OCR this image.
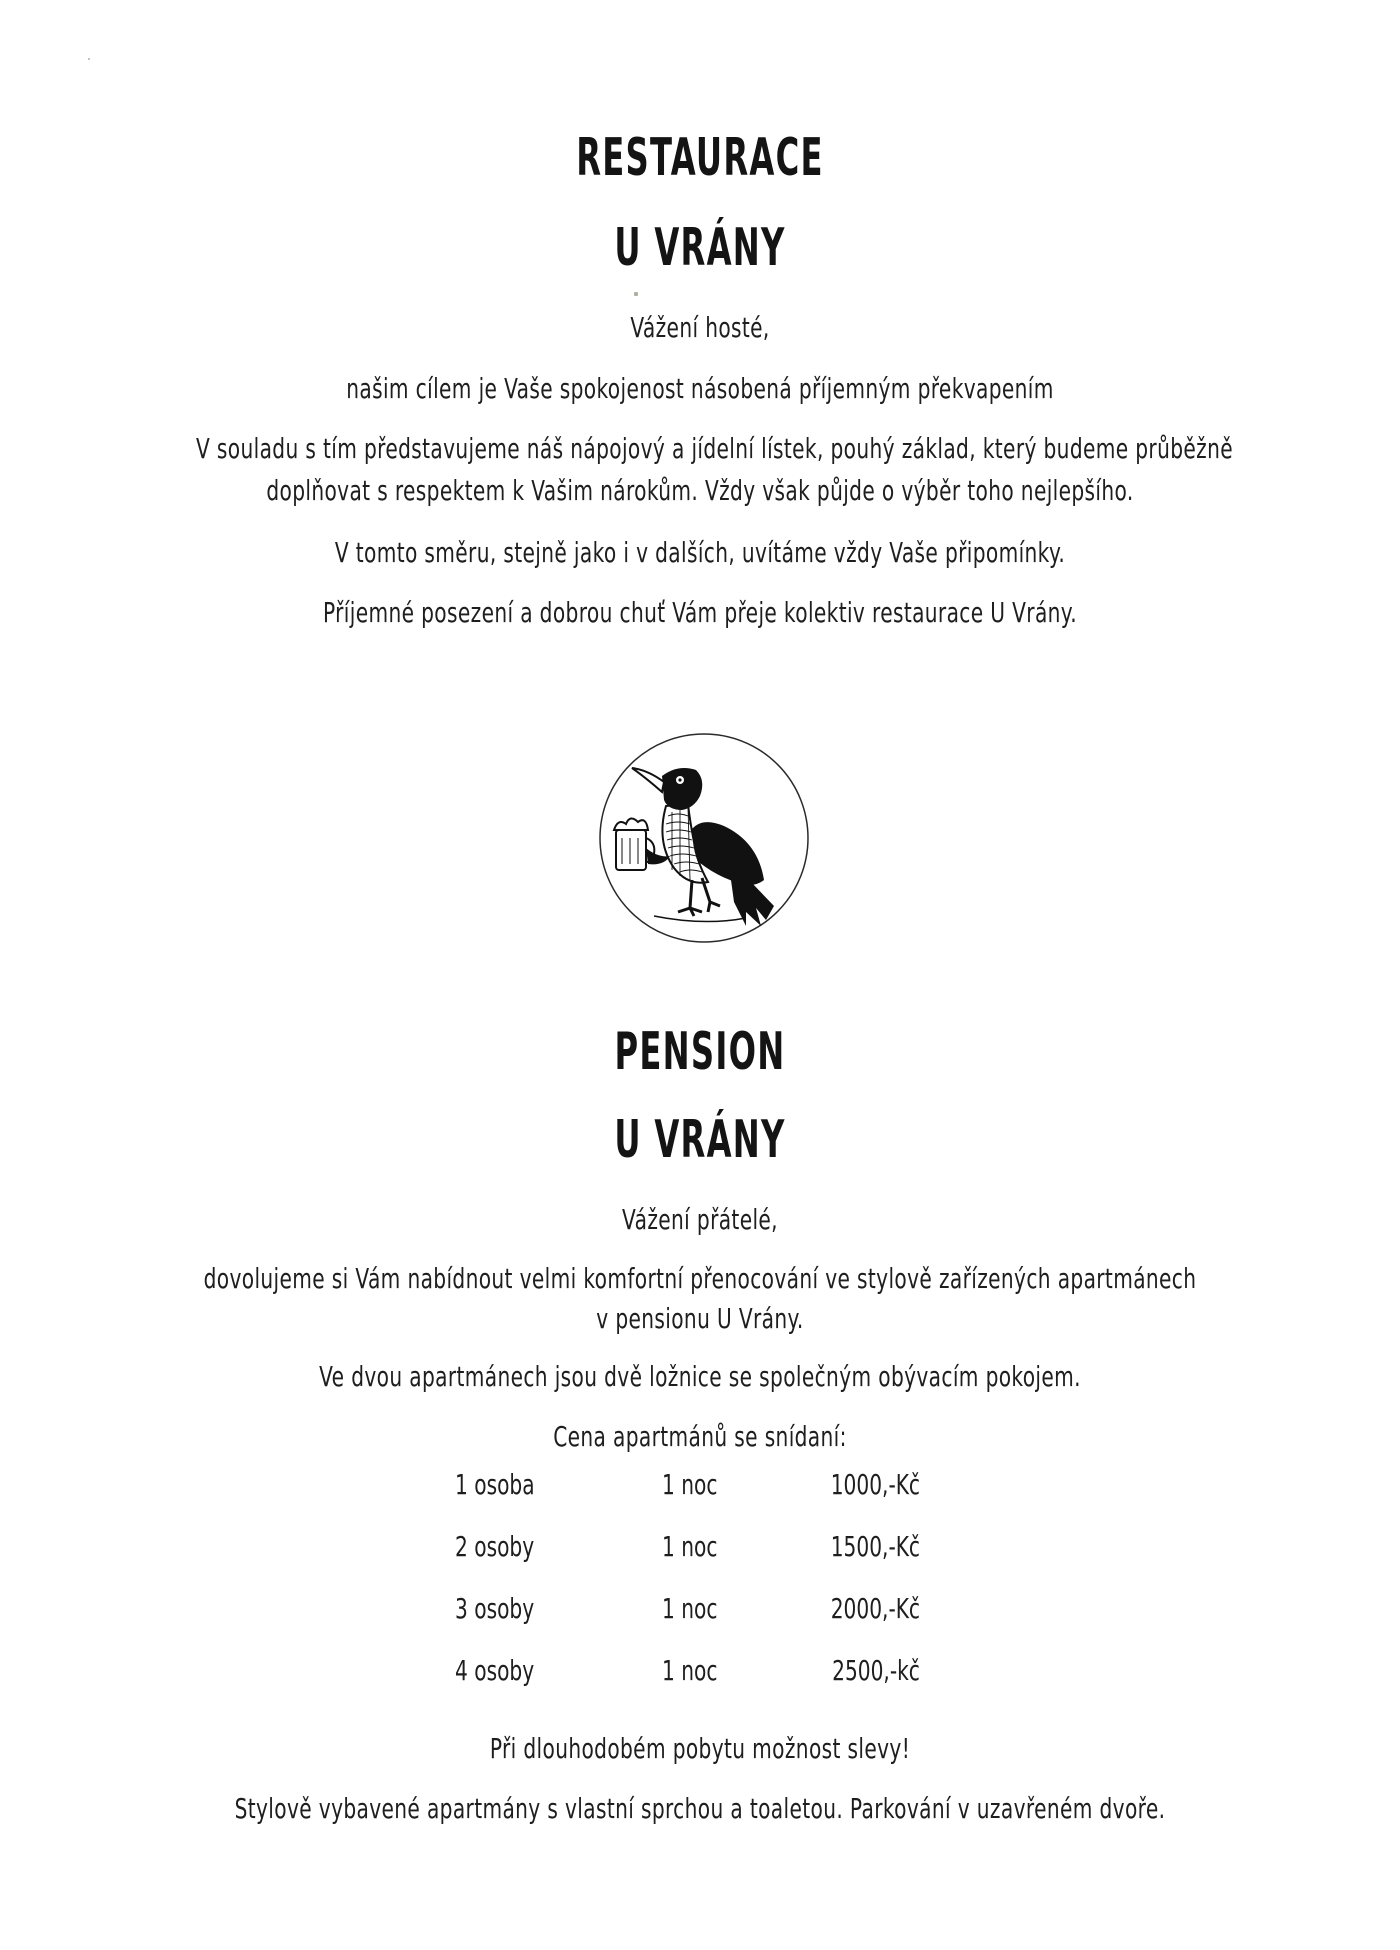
RESTAURACE
U VRÁNY
Vážení hosté,
našim cílem je Vaše spokojenost násobená příjemným překvapením
V souladu s tím představujeme náš nápojový a jídelní lístek, pouhý základ, který budeme průběžně
doplňovat s respektem k Vašim nárokům. Vždy však půjde o výběr toho nejlepšího.
V tomto směru, stejně jako i v dalších, uvítáme vždy Vaše připomínky.
Příjemné posezení a dobrou chuť Vám přeje kolektiv restaurace U Vrány.
PENSION
U VRÁNY
Vážení přátelé,
dovolujeme si Vám nabídnout velmi komfortní přenocování ve stylově zařízených apartmánech
v pensionu U Vrány.
Ve dvou apartmánech jsou dvě ložnice se společným obývacím pokojem.
Cena apartmánů se snídaní:
1 osoba	1 noc	1000,-Kč
2 osoby	1 noc	1500,-Kč
3 osoby	1 noc	2000,-Kč
4 osoby	1 noc	2500,-kč
Při dlouhodobém pobytu možnost slevy!
Stylově vybavené apartmány s vlastní sprchou a toaletou. Parkování v uzavřeném dvoře.
